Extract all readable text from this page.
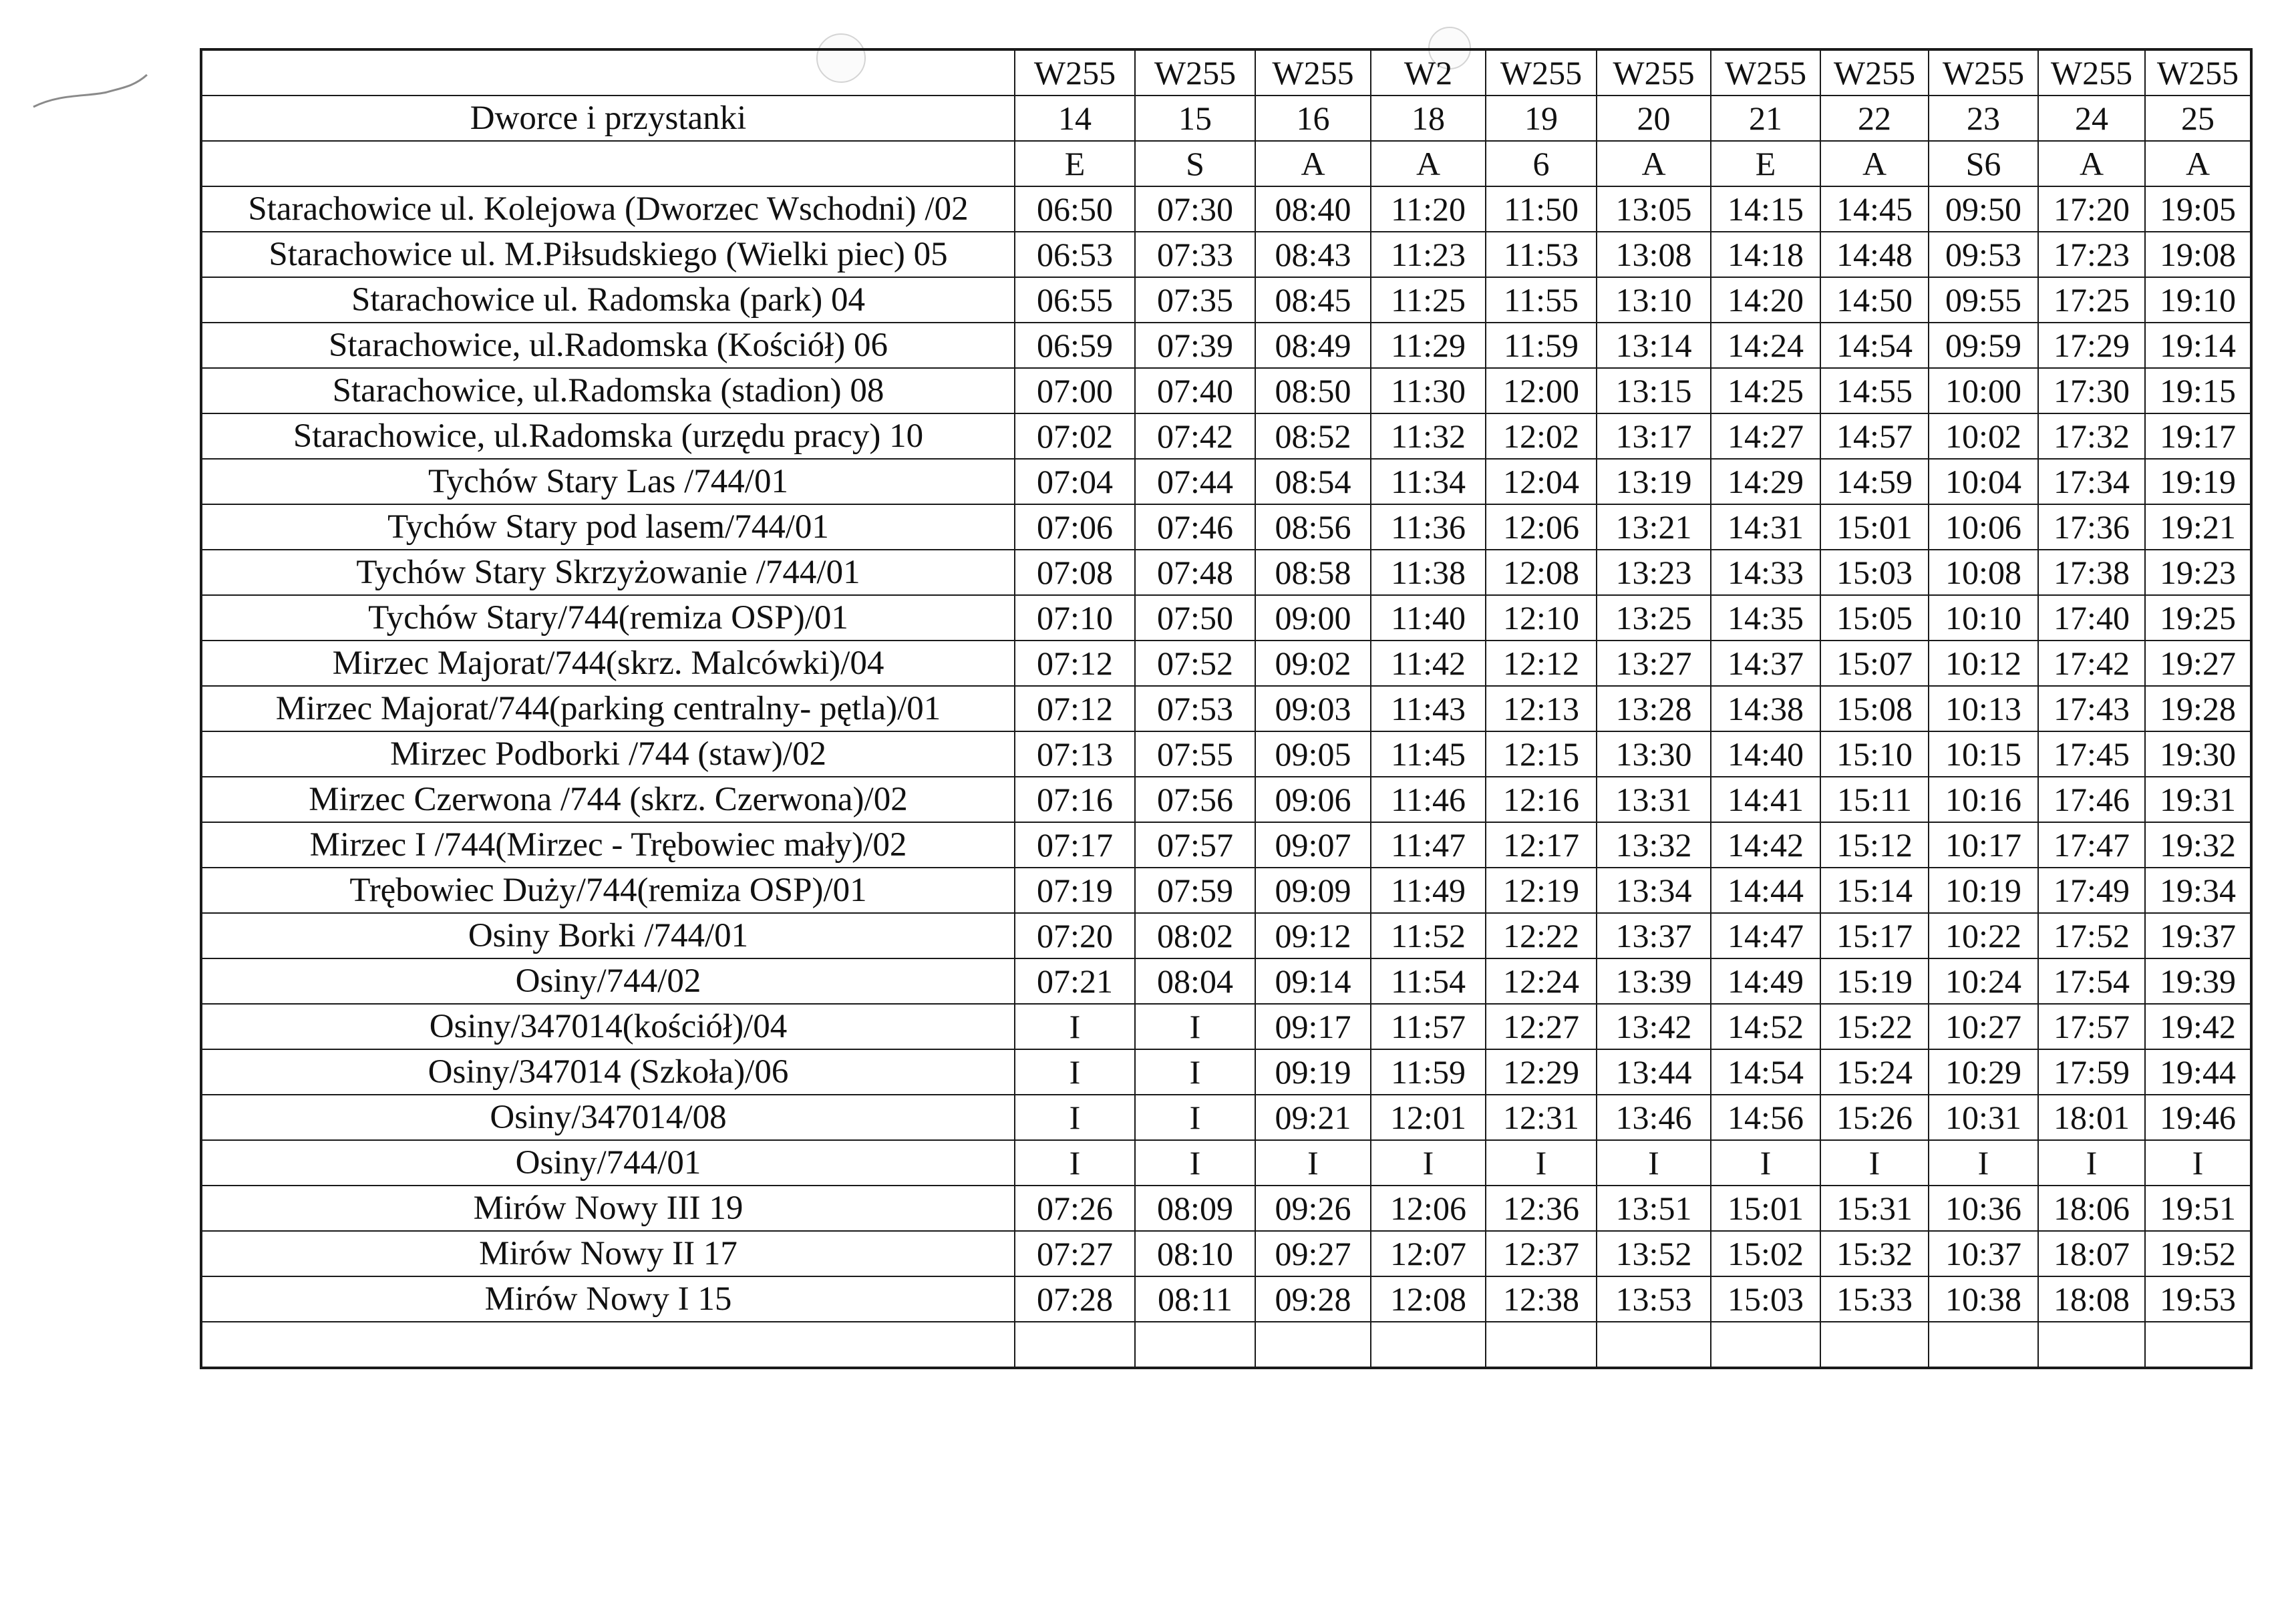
	W255	W255	W255	W2	W255	W255	W255	W255	W255	W255	W255
Dworce i przystanki	14	15	16	18	19	20	21	22	23	24	25
	E	S	A	A	6	A	E	A	S6	A	A
Starachowice ul. Kolejowa (Dworzec Wschodni) /02	06:50	07:30	08:40	11:20	11:50	13:05	14:15	14:45	09:50	17:20	19:05
Starachowice ul. M.Piłsudskiego (Wielki piec) 05	06:53	07:33	08:43	11:23	11:53	13:08	14:18	14:48	09:53	17:23	19:08
Starachowice ul. Radomska (park) 04	06:55	07:35	08:45	11:25	11:55	13:10	14:20	14:50	09:55	17:25	19:10
Starachowice, ul.Radomska (Kościół) 06	06:59	07:39	08:49	11:29	11:59	13:14	14:24	14:54	09:59	17:29	19:14
Starachowice, ul.Radomska (stadion) 08	07:00	07:40	08:50	11:30	12:00	13:15	14:25	14:55	10:00	17:30	19:15
Starachowice, ul.Radomska (urzędu pracy) 10	07:02	07:42	08:52	11:32	12:02	13:17	14:27	14:57	10:02	17:32	19:17
Tychów Stary Las /744/01	07:04	07:44	08:54	11:34	12:04	13:19	14:29	14:59	10:04	17:34	19:19
Tychów Stary pod lasem/744/01	07:06	07:46	08:56	11:36	12:06	13:21	14:31	15:01	10:06	17:36	19:21
Tychów Stary Skrzyżowanie /744/01	07:08	07:48	08:58	11:38	12:08	13:23	14:33	15:03	10:08	17:38	19:23
Tychów Stary/744(remiza OSP)/01	07:10	07:50	09:00	11:40	12:10	13:25	14:35	15:05	10:10	17:40	19:25
Mirzec Majorat/744(skrz. Malcówki)/04	07:12	07:52	09:02	11:42	12:12	13:27	14:37	15:07	10:12	17:42	19:27
Mirzec Majorat/744(parking centralny- pętla)/01	07:12	07:53	09:03	11:43	12:13	13:28	14:38	15:08	10:13	17:43	19:28
Mirzec Podborki /744 (staw)/02	07:13	07:55	09:05	11:45	12:15	13:30	14:40	15:10	10:15	17:45	19:30
Mirzec Czerwona /744 (skrz. Czerwona)/02	07:16	07:56	09:06	11:46	12:16	13:31	14:41	15:11	10:16	17:46	19:31
Mirzec I /744(Mirzec - Trębowiec mały)/02	07:17	07:57	09:07	11:47	12:17	13:32	14:42	15:12	10:17	17:47	19:32
Trębowiec Duży/744(remiza OSP)/01	07:19	07:59	09:09	11:49	12:19	13:34	14:44	15:14	10:19	17:49	19:34
Osiny Borki /744/01	07:20	08:02	09:12	11:52	12:22	13:37	14:47	15:17	10:22	17:52	19:37
Osiny/744/02	07:21	08:04	09:14	11:54	12:24	13:39	14:49	15:19	10:24	17:54	19:39
Osiny/347014(kościół)/04	I	I	09:17	11:57	12:27	13:42	14:52	15:22	10:27	17:57	19:42
Osiny/347014 (Szkoła)/06	I	I	09:19	11:59	12:29	13:44	14:54	15:24	10:29	17:59	19:44
Osiny/347014/08	I	I	09:21	12:01	12:31	13:46	14:56	15:26	10:31	18:01	19:46
Osiny/744/01	I	I	I	I	I	I	I	I	I	I	I
Mirów Nowy III 19	07:26	08:09	09:26	12:06	12:36	13:51	15:01	15:31	10:36	18:06	19:51
Mirów Nowy II 17	07:27	08:10	09:27	12:07	12:37	13:52	15:02	15:32	10:37	18:07	19:52
Mirów Nowy I 15	07:28	08:11	09:28	12:08	12:38	13:53	15:03	15:33	10:38	18:08	19:53
